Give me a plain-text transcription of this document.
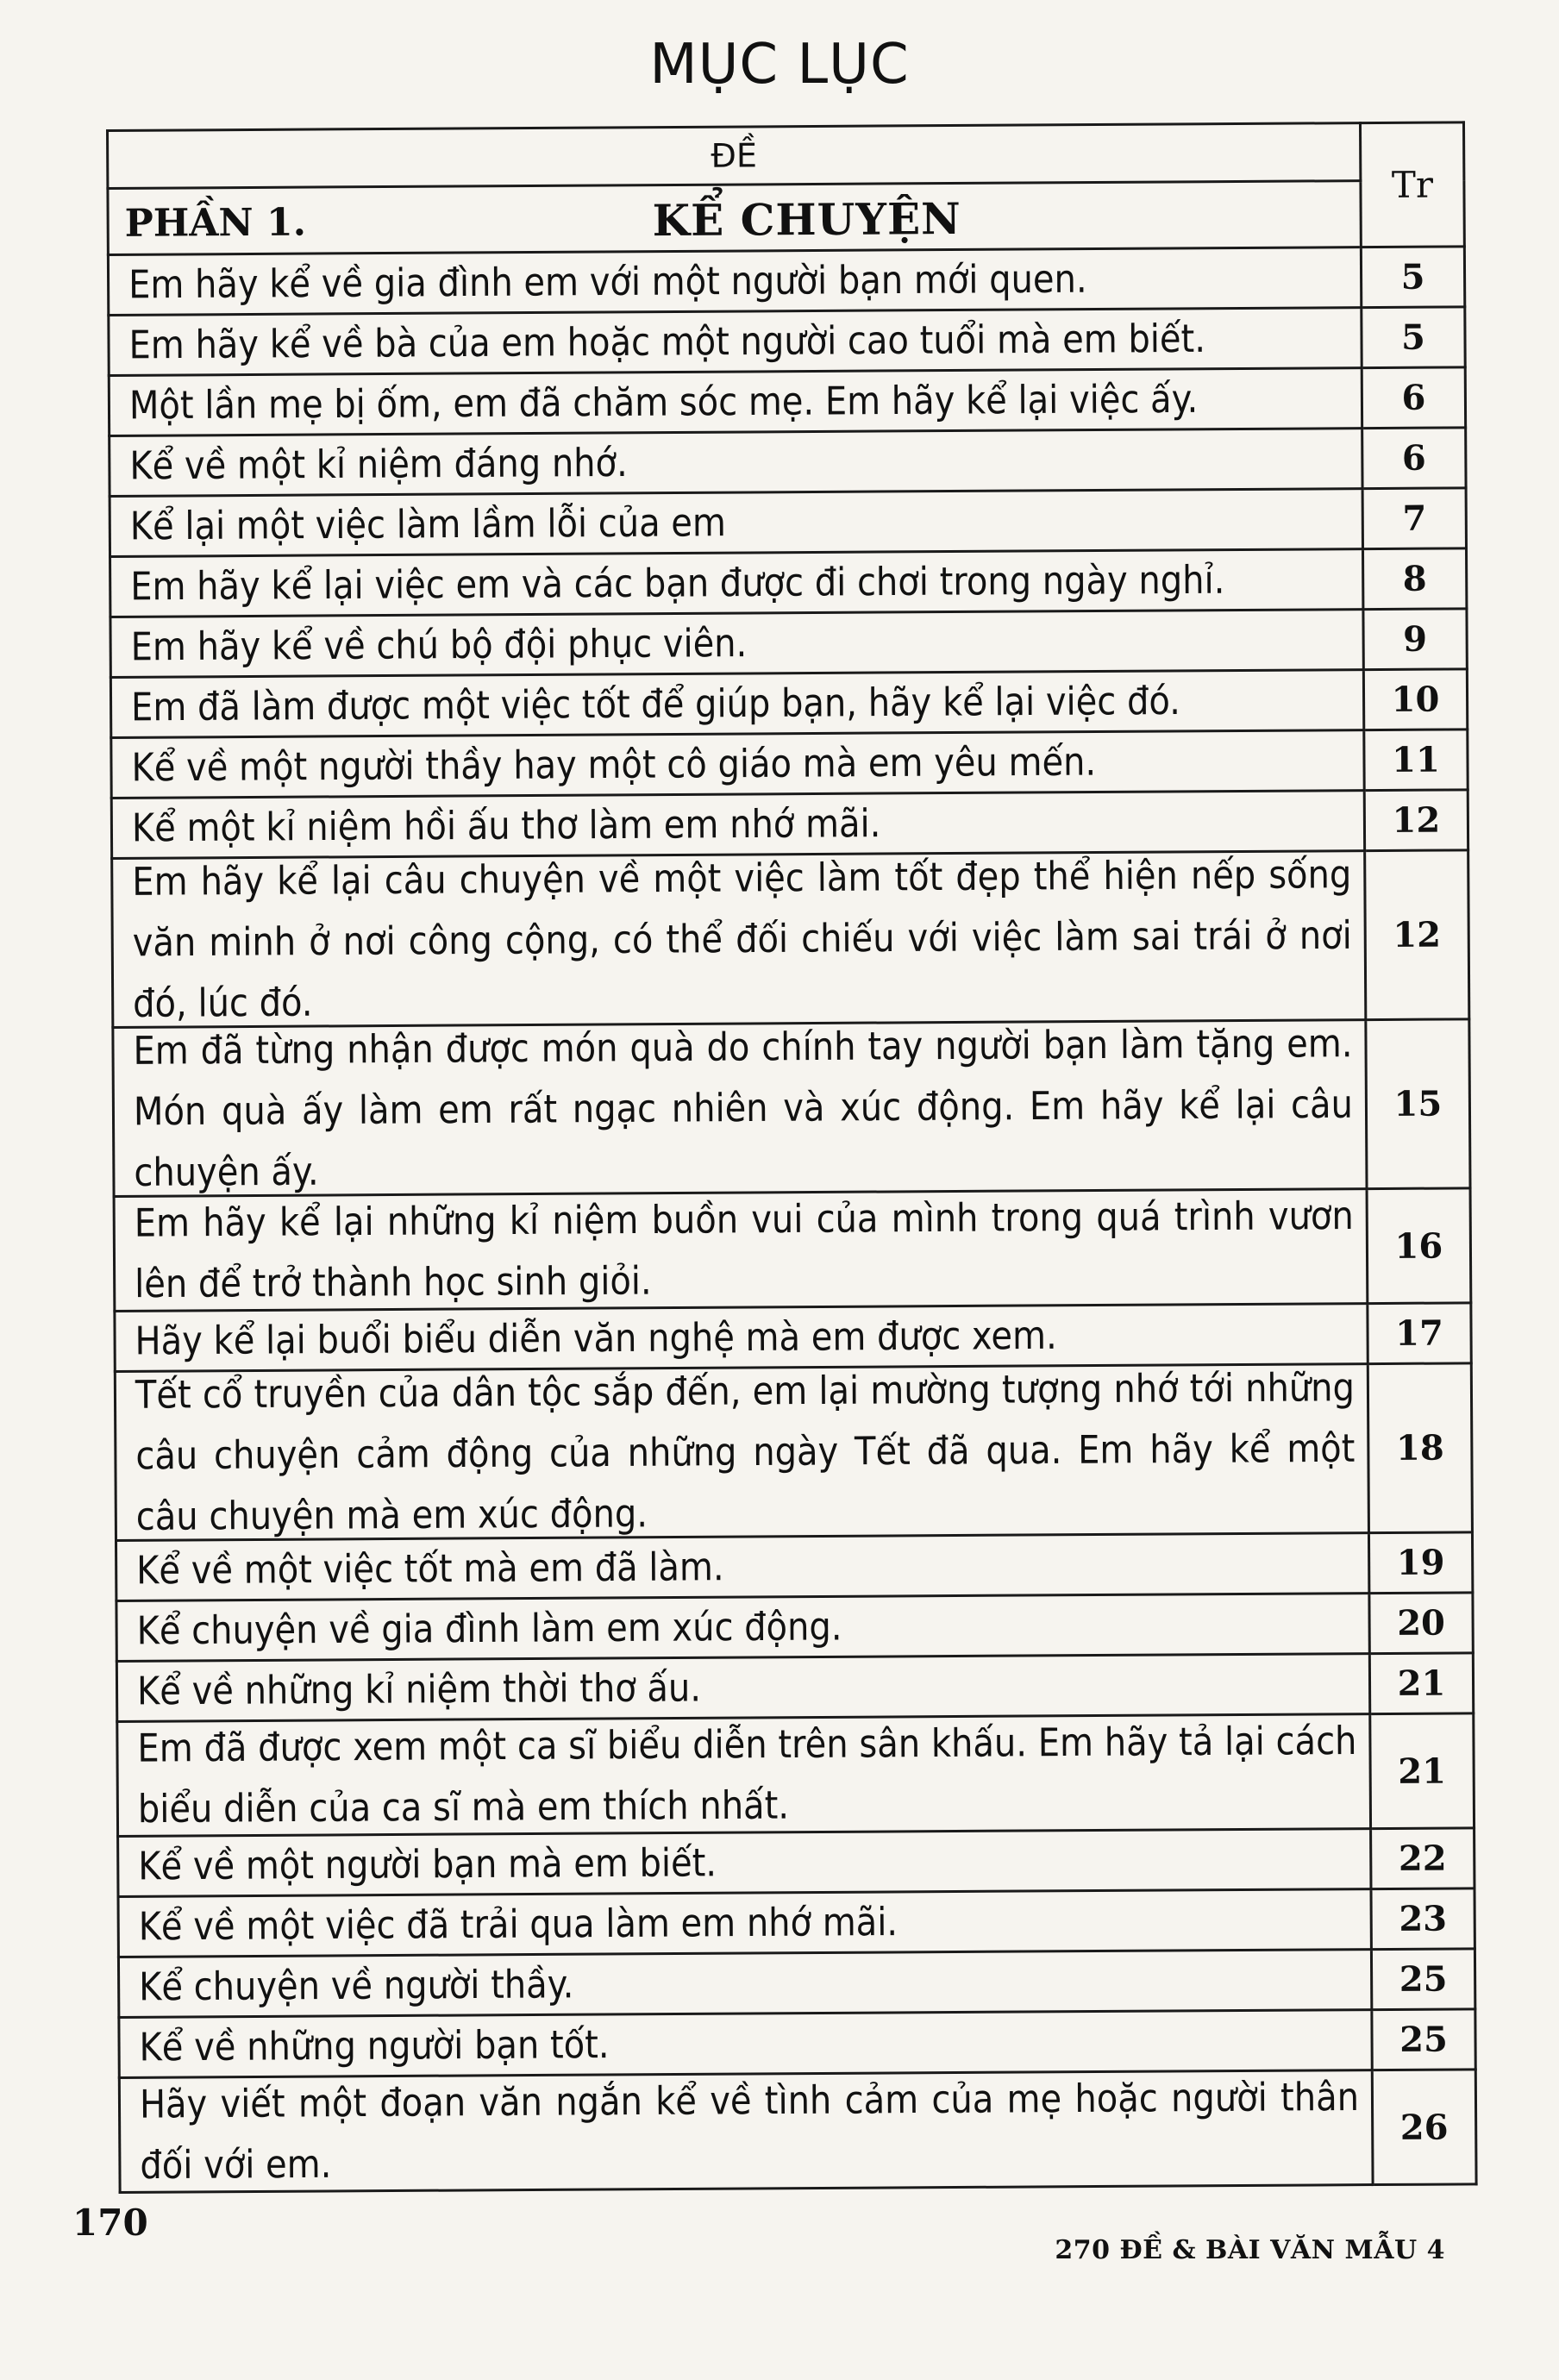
MỤC LỤC
ĐỀ	Tr

PHẦN 1. KỂ CHUYỆN	

Em hãy kể về gia đình em với một người bạn mới quen.	5
Em hãy kể về bà của em hoặc một người cao tuổi mà em biết.	5
Một lần mẹ bị ốm, em đã chăm sóc mẹ. Em hãy kể lại việc ấy.	6
Kể về một kỉ niệm đáng nhớ.	6
Kể lại một việc làm lầm lỗi của em	7
Em hãy kể lại việc em và các bạn được đi chơi trong ngày nghỉ.	8
Em hãy kể về chú bộ đội phục viên.	9
Em đã làm được một việc tốt để giúp bạn, hãy kể lại việc đó.	10
Kể về một người thầy hay một cô giáo mà em yêu mến.	11
Kể một kỉ niệm hồi ấu thơ làm em nhớ mãi.	12
Em hãy kể lại câu chuyện về một việc làm tốt đẹp thể hiện nếp sống văn minh ở nơi công cộng, có thể đối chiếu với việc làm sai trái ở nơi đó, lúc đó.	12
Em đã từng nhận được món quà do chính tay người bạn làm tặng em. Món quà ấy làm em rất ngạc nhiên và xúc động. Em hãy kể lại câu chuyện ấy.	15
Em hãy kể lại những kỉ niệm buồn vui của mình trong quá trình vươn lên để trở thành học sinh giỏi.	16
Hãy kể lại buổi biểu diễn văn nghệ mà em được xem.	17
Tết cổ truyền của dân tộc sắp đến, em lại mường tượng nhớ tới những câu chuyện cảm động của những ngày Tết đã qua. Em hãy kể một câu chuyện mà em xúc động.	18
Kể về một việc tốt mà em đã làm.	19
Kể chuyện về gia đình làm em xúc động.	20
Kể về những kỉ niệm thời thơ ấu.	21
Em đã được xem một ca sĩ biểu diễn trên sân khấu. Em hãy tả lại cách biểu diễn của ca sĩ mà em thích nhất.	21
Kể về một người bạn mà em biết.	22
Kể về một việc đã trải qua làm em nhớ mãi.	23
Kể chuyện về người thầy.	25
Kể về những người bạn tốt.	25
Hãy viết một đoạn văn ngắn kể về tình cảm của mẹ hoặc người thân đối với em.	26
170
270 ĐỀ & BÀI VĂN MẪU 4
